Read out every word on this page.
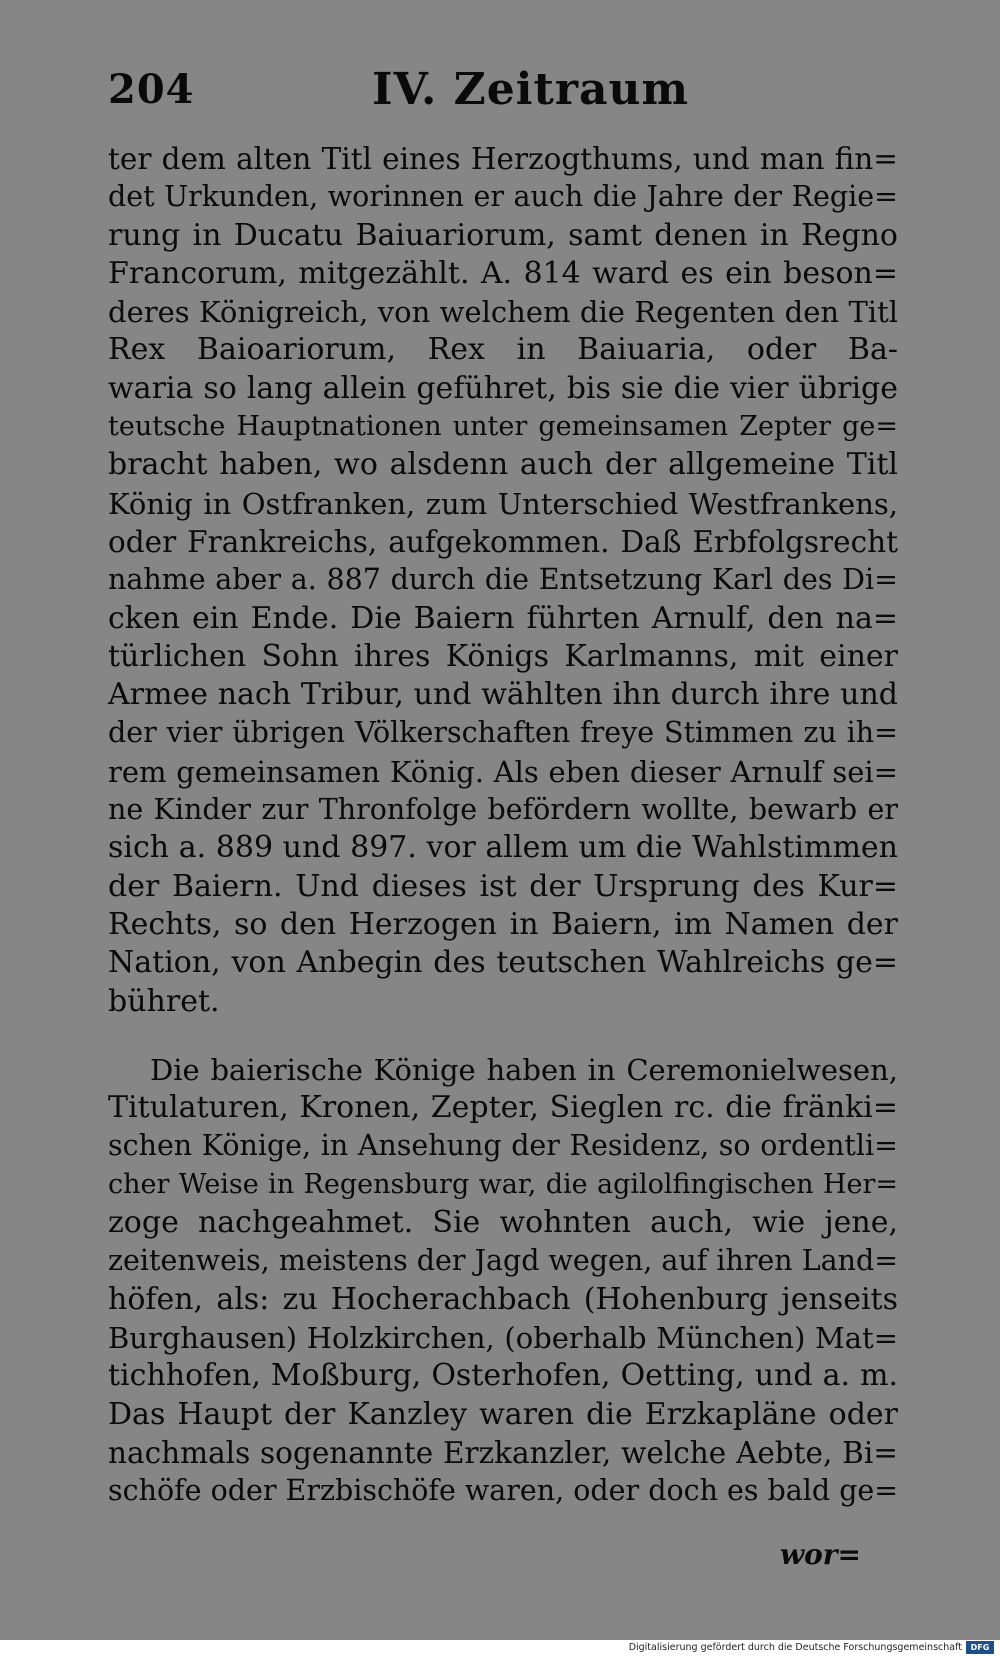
204	IV. Zeitraum
ter dem alten Titl eines Herzogthums, und man fin=
det Urkunden, worinnen er auch die Jahre der Regie=
rung in Ducatu Baiuariorum, samt denen in Regno
Francorum, mitgezählt. A. 814 ward es ein beson=
deres Königreich, von welchem die Regenten den Titl
Rex Baioariorum, Rex in Baiuaria, oder Ba-
waria so lang allein geführet, bis sie die vier übrige
teutsche Hauptnationen unter gemeinsamen Zepter ge=
bracht haben, wo alsdenn auch der allgemeine Titl
König in Ostfranken, zum Unterschied Westfrankens,
oder Frankreichs, aufgekommen. Daß Erbfolgsrecht
nahme aber a. 887 durch die Entsetzung Karl des Di=
cken ein Ende. Die Baiern führten Arnulf, den na=
türlichen Sohn ihres Königs Karlmanns, mit einer
Armee nach Tribur, und wählten ihn durch ihre und
der vier übrigen Völkerschaften freye Stimmen zu ih=
rem gemeinsamen König. Als eben dieser Arnulf sei=
ne Kinder zur Thronfolge befördern wollte, bewarb er
sich a. 889 und 897. vor allem um die Wahlstimmen
der Baiern. Und dieses ist der Ursprung des Kur=
Rechts, so den Herzogen in Baiern, im Namen der
Nation, von Anbegin des teutschen Wahlreichs ge=
bühret.
Die baierische Könige haben in Ceremonielwesen,
Titulaturen, Kronen, Zepter, Sieglen rc. die fränki=
schen Könige, in Ansehung der Residenz, so ordentli=
cher Weise in Regensburg war, die agilolfingischen Her=
zoge nachgeahmet. Sie wohnten auch, wie jene,
zeitenweis, meistens der Jagd wegen, auf ihren Land=
höfen, als: zu Hocherachbach (Hohenburg jenseits
Burghausen) Holzkirchen, (oberhalb München) Mat=
tichhofen, Moßburg, Osterhofen, Oetting, und a. m.
Das Haupt der Kanzley waren die Erzkapläne oder
nachmals sogenannte Erzkanzler, welche Aebte, Bi=
schöfe oder Erzbischöfe waren, oder doch es bald ge=
wor=
Digitalisierung gefördert durch die Deutsche Forschungsgemeinschaft	DFG
